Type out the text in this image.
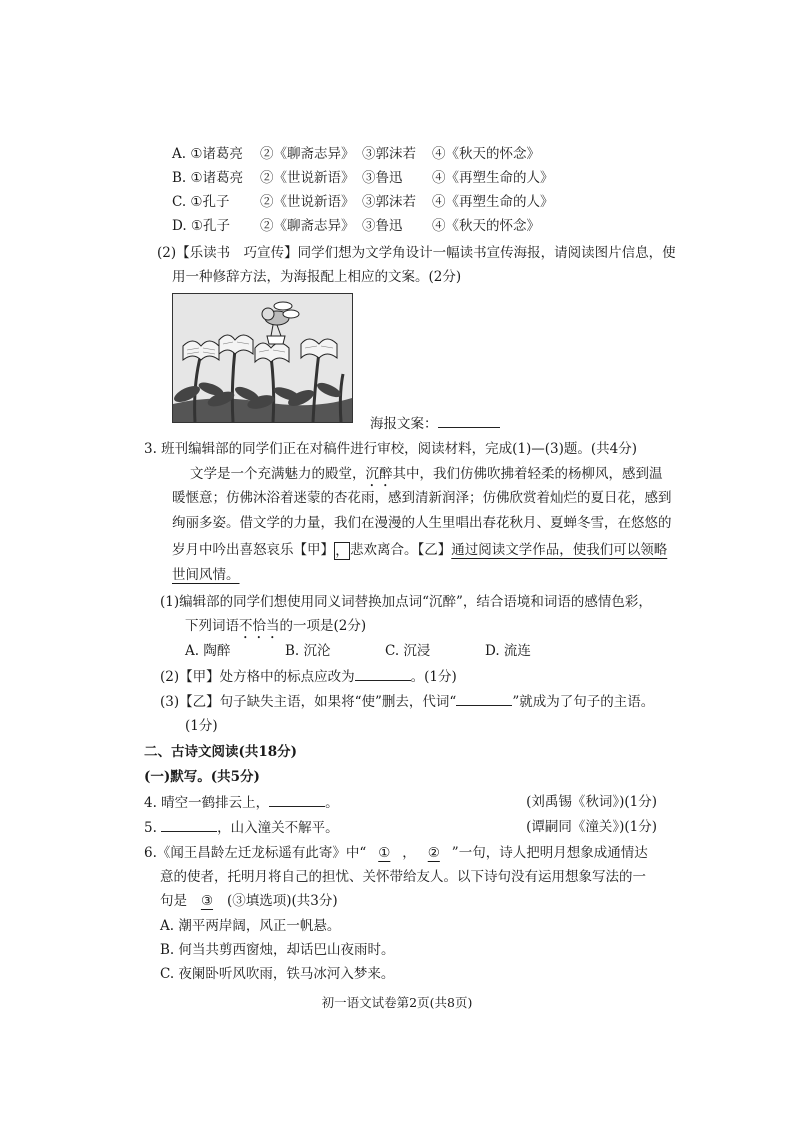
A. ①诸葛亮 ②《聊斋志异》 ③郭沫若 ④《秋天的怀念》
B. ①诸葛亮 ②《世说新语》 ③鲁迅 ④《再塑生命的人》
C. ①孔子 ②《世说新语》 ③郭沫若 ④《再塑生命的人》
D. ①孔子 ②《聊斋志异》 ③鲁迅 ④《秋天的怀念》
(2)【乐读书　巧宣传】同学们想为文学角设计一幅读书宣传海报，请阅读图片信息，使
用一种修辞方法，为海报配上相应的文案。(2分)
海报文案：
3. 班刊编辑部的同学们正在对稿件进行审校，阅读材料，完成(1)—(3)题。(共4分)
文学是一个充满魅力的殿堂，沉醉其中，我们仿佛吹拂着轻柔的杨柳风，感到温
暖惬意；仿佛沐浴着迷蒙的杏花雨，感到清新润泽；仿佛欣赏着灿烂的夏日花，感到
绚丽多姿。借文学的力量，我们在漫漫的人生里唱出春花秋月、夏蝉冬雪，在悠悠的
岁月中吟出喜怒哀乐【甲】，悲欢离合。【乙】通过阅读文学作品，使我们可以领略
世间风情。
(1)编辑部的同学们想使用同义词替换加点词“沉醉”，结合语境和词语的感情色彩，
下列词语不恰当的一项是(2分)
A. 陶醉	B. 沉沦	C. 沉浸	D. 流连
(2)【甲】处方格中的标点应改为	。(1分)
(3)【乙】句子缺失主语，如果将“使”删去，代词“	”就成为了句子的主语。
(1分)
二、古诗文阅读(共18分)
(一)默写。(共5分)
4. 晴空一鹤排云上，	。	(刘禹锡《秋词》)(1分)
5.	，山入潼关不解平。	(谭嗣同《潼关》)(1分)
6.《闻王昌龄左迁龙标遥有此寄》中“ ① ， ② ”一句，诗人把明月想象成通情达
意的使者，托明月将自己的担忧、关怀带给友人。以下诗句没有运用想象写法的一
句是 ③ (③填选项)(共3分)
A. 潮平两岸阔，风正一帆悬。
B. 何当共剪西窗烛，却话巴山夜雨时。
C. 夜阑卧听风吹雨，铁马冰河入梦来。
初一语文试卷第2页(共8页)
